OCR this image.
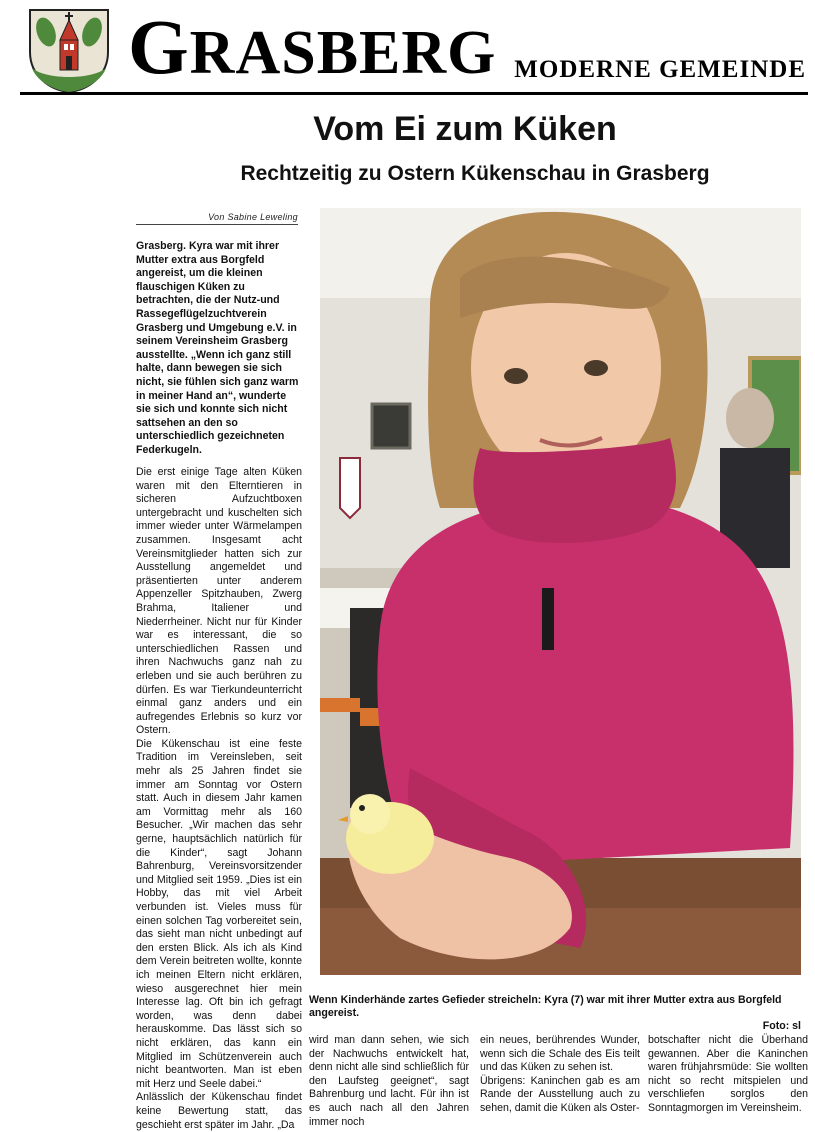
GRASBERG MODERNE GEMEINDE
Vom Ei zum Küken
Rechtzeitig zu Ostern Kükenschau in Grasberg
Von Sabine Leweling
Grasberg. Kyra war mit ihrer Mutter extra aus Borgfeld angereist, um die kleinen flauschigen Küken zu betrachten, die der Nutz-und Rassegeflügelzuchtverein Grasberg und Umgebung e.V. in seinem Vereinsheim Grasberg ausstellte. „Wenn ich ganz still halte, dann bewegen sie sich nicht, sie fühlen sich ganz warm in meiner Hand an“, wunderte sie sich und konnte sich nicht sattsehen an den so unterschiedlich gezeichneten Federkugeln.

Die erst einige Tage alten Küken waren mit den Elterntieren in sicheren Aufzuchtboxen untergebracht und kuschelten sich immer wieder unter Wärmelampen zusammen. Insgesamt acht Vereinsmitglieder hatten sich zur Ausstellung angemeldet und präsentierten unter anderem Appenzeller Spitzhauben, Zwerg Brahma, Italiener und Niederrheiner. Nicht nur für Kinder war es interessant, die so unterschiedlichen Rassen und ihren Nachwuchs ganz nah zu erleben und sie auch berühren zu dürfen. Es war Tierkundeunterricht einmal ganz anders und ein aufregendes Erlebnis so kurz vor Ostern.

Die Kükenschau ist eine feste Tradition im Vereinsleben, seit mehr als 25 Jahren findet sie immer am Sonntag vor Ostern statt. Auch in diesem Jahr kamen am Vormittag mehr als 160 Besucher. „Wir machen das sehr gerne, hauptsächlich natürlich für die Kinder“, sagt Johann Bahrenburg, Vereinsvorsitzender und Mitglied seit 1959. „Dies ist ein Hobby, das mit viel Arbeit verbunden ist. Vieles muss für einen solchen Tag vorbereitet sein, das sieht man nicht unbedingt auf den ersten Blick. Als ich als Kind dem Verein beitreten wollte, konnte ich meinen Eltern nicht erklären, wieso ausgerechnet hier mein Interesse lag. Oft bin ich gefragt worden, was denn dabei herauskomme. Das lässt sich so nicht erklären, das kann ein Mitglied im Schützenverein auch nicht beantworten. Man ist eben mit Herz und Seele dabei.“

Anlässlich der Kükenschau findet keine Bewertung statt, das geschieht erst später im Jahr. „Da

Wenn Kinderhände zartes Gefieder streicheln: Kyra (7) war mit ihrer Mutter extra aus Borgfeld angereist.
Foto: sl

wird man dann sehen, wie sich der Nachwuchs entwickelt hat, denn nicht alle sind schließlich für den Laufsteg geeignet“, sagt Bahrenburg und lacht. Für ihn ist es auch nach all den Jahren immer noch

ein neues, berührendes Wunder, wenn sich die Schale des Eis teilt und das Küken zu sehen ist.

Übrigens: Kaninchen gab es am Rande der Ausstellung auch zu sehen, damit die Küken als Oster-

botschafter nicht die Überhand gewannen. Aber die Kaninchen waren frühjahrsmüde: Sie wollten nicht so recht mitspielen und verschliefen sorglos den Sonntagmorgen im Vereinsheim.
